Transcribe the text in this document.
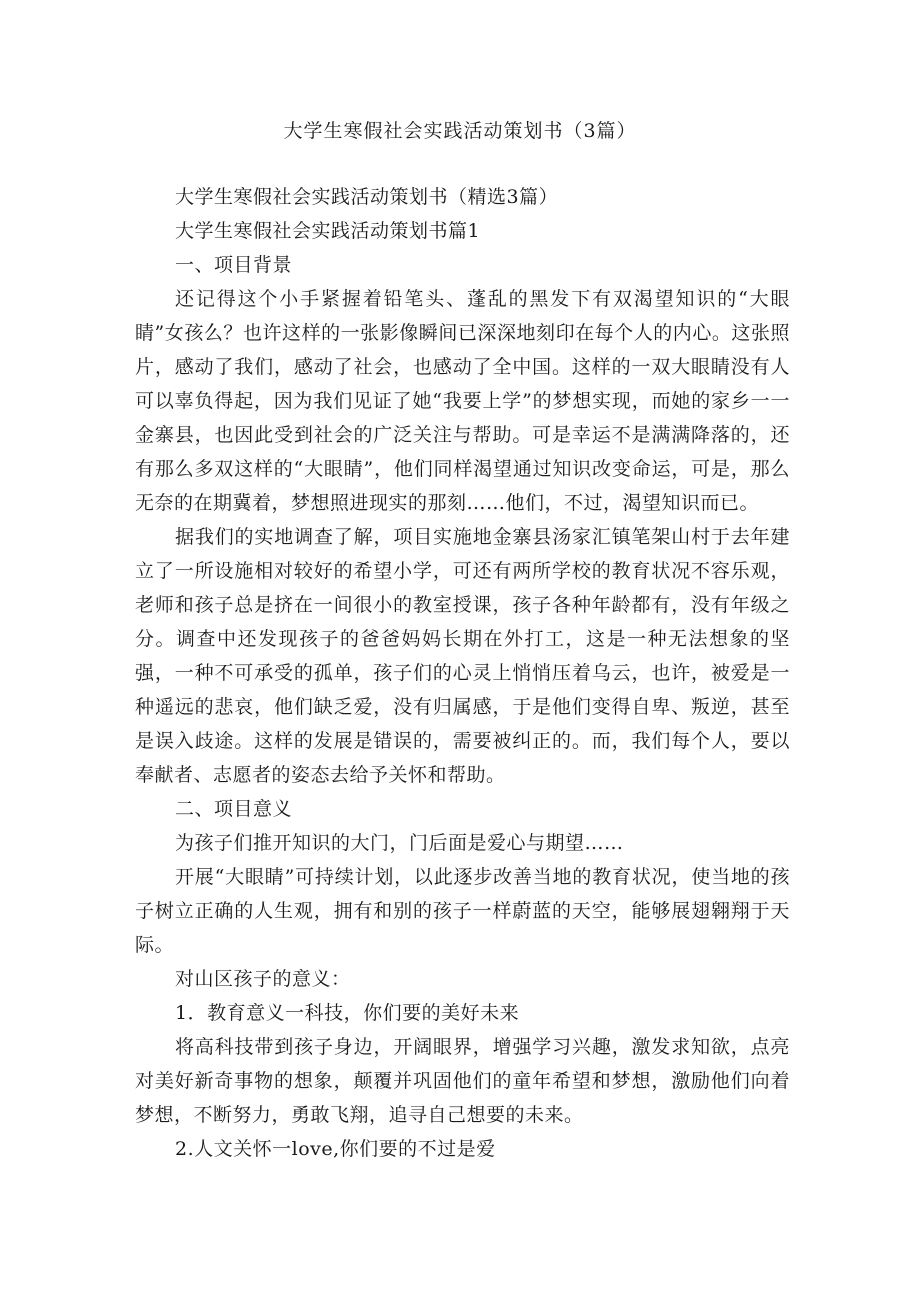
大学生寒假社会实践活动策划书（3篇）

大学生寒假社会实践活动策划书（精选3篇）

大学生寒假社会实践活动策划书篇1

一、项目背景

还记得这个小手紧握着铅笔头、蓬乱的黑发下有双渴望知识的“大眼睛”女孩么？也许这样的一张影像瞬间已深深地刻印在每个人的内心。这张照片，感动了我们，感动了社会，也感动了全中国。这样的一双大眼睛没有人可以辜负得起，因为我们见证了她“我要上学”的梦想实现，而她的家乡一一金寨县，也因此受到社会的广泛关注与帮助。可是幸运不是满满降落的，还有那么多双这样的“大眼睛”，他们同样渴望通过知识改变命运，可是，那么无奈的在期冀着，梦想照进现实的那刻……他们，不过，渴望知识而已。

据我们的实地调查了解，项目实施地金寨县汤家汇镇笔架山村于去年建立了一所设施相对较好的希望小学，可还有两所学校的教育状况不容乐观，老师和孩子总是挤在一间很小的教室授课，孩子各种年龄都有，没有年级之分。调查中还发现孩子的爸爸妈妈长期在外打工，这是一种无法想象的坚强，一种不可承受的孤单，孩子们的心灵上悄悄压着乌云，也许，被爱是一种遥远的悲哀，他们缺乏爱，没有归属感，于是他们变得自卑、叛逆，甚至是误入歧途。这样的发展是错误的，需要被纠正的。而，我们每个人，要以奉献者、志愿者的姿态去给予关怀和帮助。

二、项目意义

为孩子们推开知识的大门，门后面是爱心与期望……

开展“大眼睛”可持续计划，以此逐步改善当地的教育状况，使当地的孩子树立正确的人生观，拥有和别的孩子一样蔚蓝的天空，能够展翅翱翔于天际。

对山区孩子的意义：

1．教育意义一科技，你们要的美好未来

将高科技带到孩子身边，开阔眼界，增强学习兴趣，激发求知欲，点亮对美好新奇事物的想象，颠覆并巩固他们的童年希望和梦想，激励他们向着梦想，不断努力，勇敢飞翔，追寻自己想要的未来。

2.人文关怀一love,你们要的不过是爱
